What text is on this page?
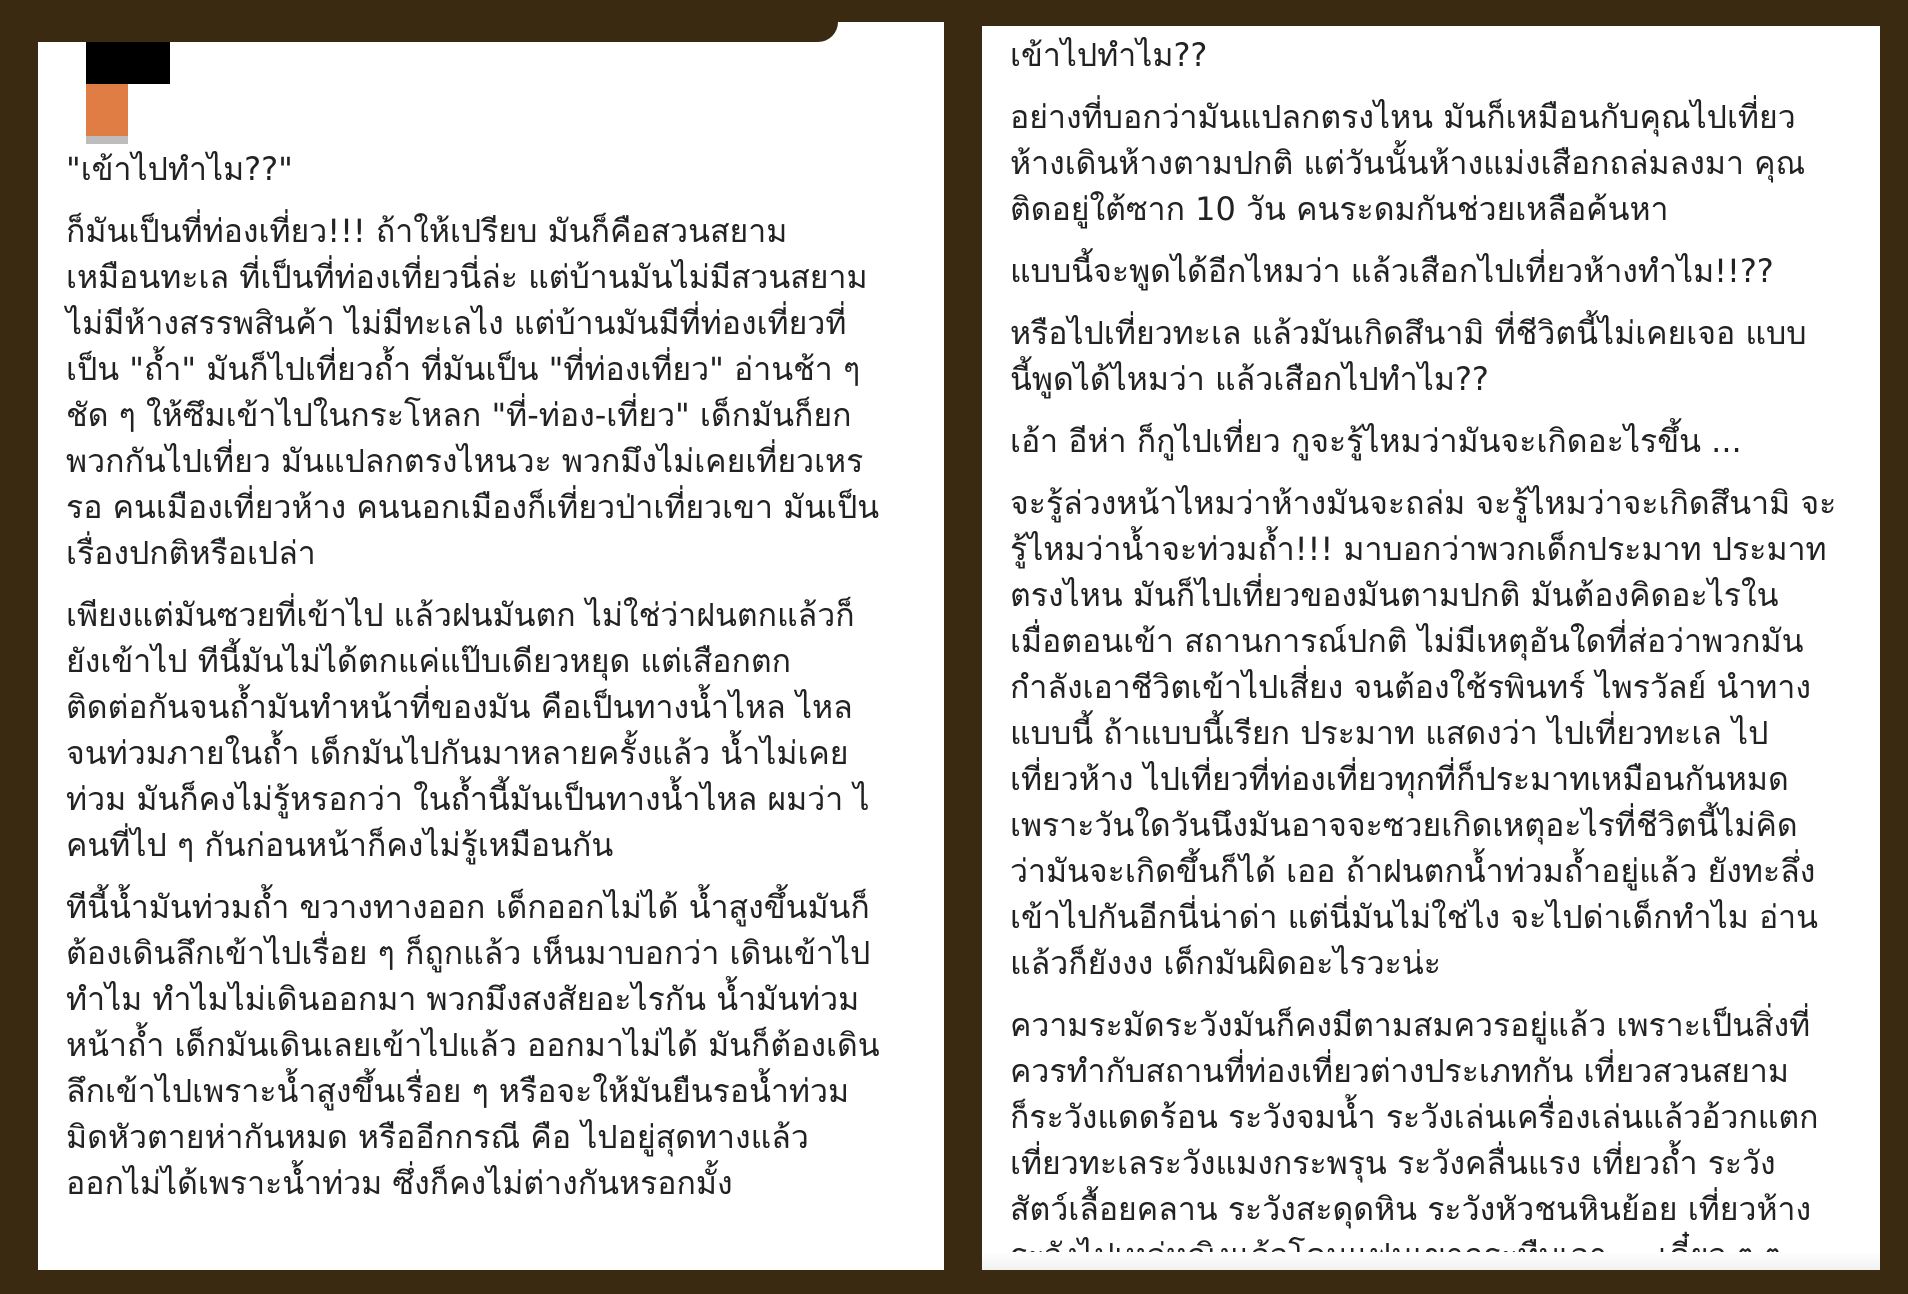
"เข้าไปทำไม??"

ก็มันเป็นที่ท่องเที่ยว!!! ถ้าให้เปรียบ มันก็คือสวนสยาม
เหมือนทะเล ที่เป็นที่ท่องเที่ยวนี่ล่ะ แต่บ้านมันไม่มีสวนสยาม
ไม่มีห้างสรรพสินค้า ไม่มีทะเลไง แต่บ้านมันมีที่ท่องเที่ยวที่
เป็น "ถ้ำ" มันก็ไปเที่ยวถ้ำ ที่มันเป็น "ที่ท่องเที่ยว" อ่านช้า ๆ
ชัด ๆ ให้ซึมเข้าไปในกระโหลก "ที่-ท่อง-เที่ยว" เด็กมันก็ยก
พวกกันไปเที่ยว มันแปลกตรงไหนวะ พวกมึงไม่เคยเที่ยวเหร
รอ คนเมืองเที่ยวห้าง คนนอกเมืองก็เที่ยวป่าเที่ยวเขา มันเป็น
เรื่องปกติหรือเปล่า

เพียงแต่มันซวยที่เข้าไป แล้วฝนมันตก ไม่ใช่ว่าฝนตกแล้วก็
ยังเข้าไป ทีนี้มันไม่ได้ตกแค่แป๊บเดียวหยุด แต่เสือกตก
ติดต่อกันจนถ้ำมันทำหน้าที่ของมัน คือเป็นทางน้ำไหล ไหล
จนท่วมภายในถ้ำ เด็กมันไปกันมาหลายครั้งแล้ว น้ำไม่เคย
ท่วม มันก็คงไม่รู้หรอกว่า ในถ้ำนี้มันเป็นทางน้ำไหล ผมว่า ไ
คนที่ไป ๆ กันก่อนหน้าก็คงไม่รู้เหมือนกัน

ทีนี้น้ำมันท่วมถ้ำ ขวางทางออก เด็กออกไม่ได้ น้ำสูงขึ้นมันก็
ต้องเดินลึกเข้าไปเรื่อย ๆ ก็ถูกแล้ว เห็นมาบอกว่า เดินเข้าไป
ทำไม ทำไมไม่เดินออกมา พวกมึงสงสัยอะไรกัน น้ำมันท่วม
หน้าถ้ำ เด็กมันเดินเลยเข้าไปแล้ว ออกมาไม่ได้ มันก็ต้องเดิน
ลึกเข้าไปเพราะน้ำสูงขึ้นเรื่อย ๆ หรือจะให้มันยืนรอน้ำท่วม
มิดหัวตายห่ากันหมด หรืออีกกรณี คือ ไปอยู่สุดทางแล้ว
ออกไม่ได้เพราะน้ำท่วม ซึ่งก็คงไม่ต่างกันหรอกมั้ง

เข้าไปทำไม??

อย่างที่บอกว่ามันแปลกตรงไหน มันก็เหมือนกับคุณไปเที่ยว
ห้างเดินห้างตามปกติ แต่วันนั้นห้างแม่งเสือกถล่มลงมา คุณ
ติดอยู่ใต้ซาก 10 วัน คนระดมกันช่วยเหลือค้นหา

แบบนี้จะพูดได้อีกไหมว่า แล้วเสือกไปเที่ยวห้างทำไม!!??

หรือไปเที่ยวทะเล แล้วมันเกิดสึนามิ ที่ชีวิตนี้ไม่เคยเจอ แบบ
นี้พูดได้ไหมว่า แล้วเสือกไปทำไม??

เอ้า อีห่า ก็กูไปเที่ยว กูจะรู้ไหมว่ามันจะเกิดอะไรขึ้น ...

จะรู้ล่วงหน้าไหมว่าห้างมันจะถล่ม จะรู้ไหมว่าจะเกิดสึนามิ จะ
รู้ไหมว่าน้ำจะท่วมถ้ำ!!! มาบอกว่าพวกเด็กประมาท ประมาท
ตรงไหน มันก็ไปเที่ยวของมันตามปกติ มันต้องคิดอะไรใน
เมื่อตอนเข้า สถานการณ์ปกติ ไม่มีเหตุอันใดที่ส่อว่าพวกมัน
กำลังเอาชีวิตเข้าไปเสี่ยง จนต้องใช้รพินทร์ ไพรวัลย์ นำทาง
แบบนี้ ถ้าแบบนี้เรียก ประมาท แสดงว่า ไปเที่ยวทะเล ไป
เที่ยวห้าง ไปเที่ยวที่ท่องเที่ยวทุกที่ก็ประมาทเหมือนกันหมด
เพราะวันใดวันนึงมันอาจจะซวยเกิดเหตุอะไรที่ชีวิตนี้ไม่คิด
ว่ามันจะเกิดขึ้นก็ได้ เออ ถ้าฝนตกน้ำท่วมถ้ำอยู่แล้ว ยังทะลึ่ง
เข้าไปกันอีกนี่น่าด่า แต่นี่มันไม่ใช่ไง จะไปด่าเด็กทำไม อ่าน
แล้วก็ยังงง เด็กมันผิดอะไรวะน่ะ

ความระมัดระวังมันก็คงมีตามสมควรอยู่แล้ว เพราะเป็นสิ่งที่
ควรทำกับสถานที่ท่องเที่ยวต่างประเภทกัน เที่ยวสวนสยาม
ก็ระวังแดดร้อน ระวังจมน้ำ ระวังเล่นเครื่องเล่นแล้วอ้วกแตก
เที่ยวทะเลระวังแมงกระพรุน ระวังคลื่นแรง เที่ยวถ้ำ ระวัง
สัตว์เลื้อยคลาน ระวังสะดุดหิน ระวังหัวชนหินย้อย เที่ยวห้าง
